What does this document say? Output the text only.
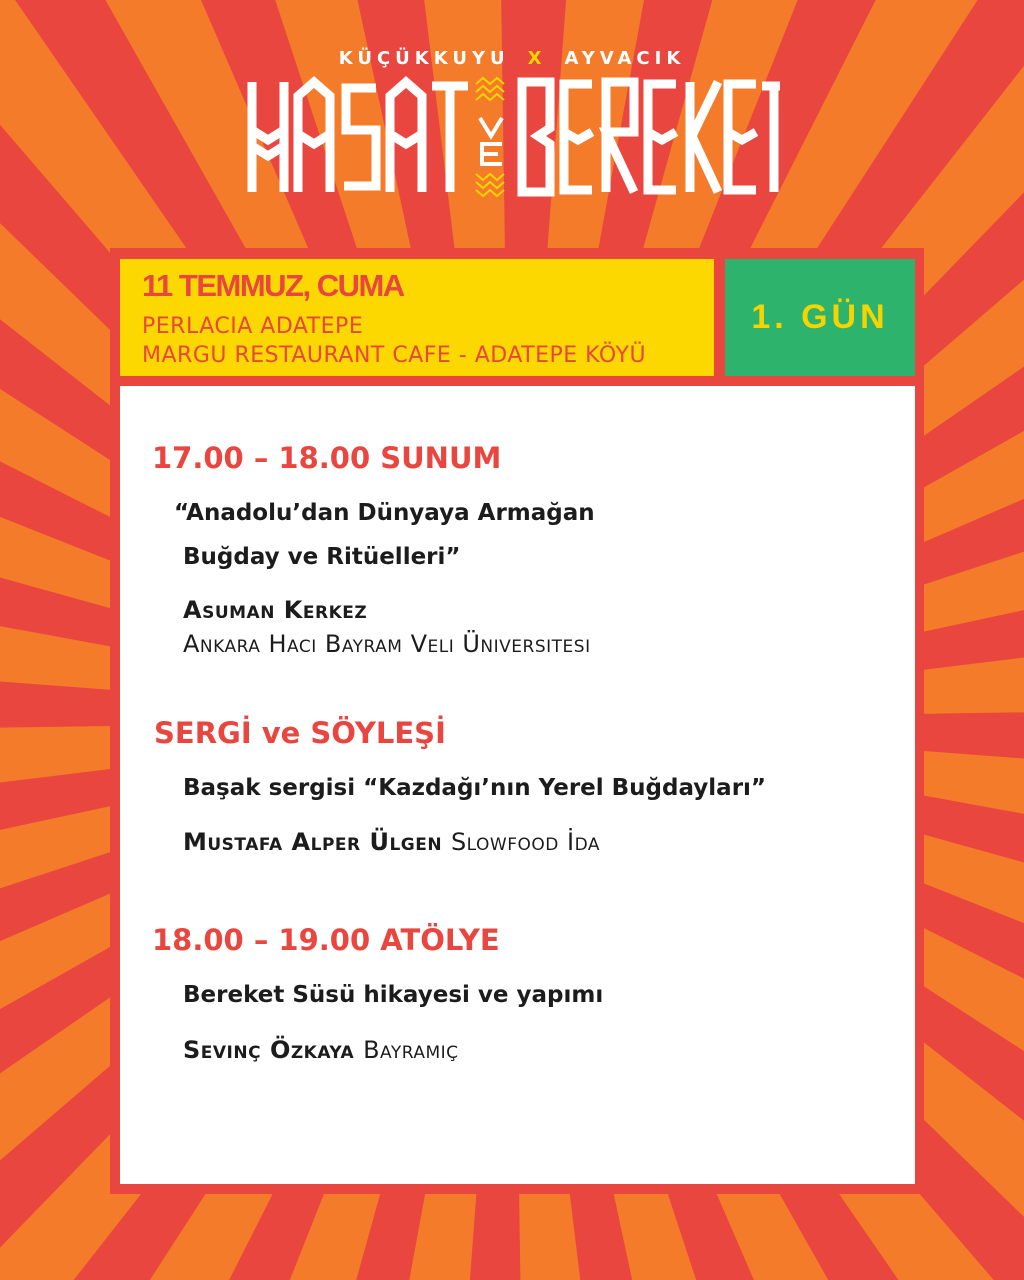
KÜÇÜKKUYU X AYVACIK
11 TEMMUZ, CUMA
PERLACIA ADATEPE
MARGU RESTAURANT CAFE - ADATEPE KÖYÜ
1. GÜN
17.00 – 18.00 SUNUM
“Anadolu’dan Dünyaya Armağan
Buğday ve Ritüelleri”
Asuman Kerkez
Ankara Hacı Bayram Veli Üniversitesi
SERGİ ve SÖYLEŞİ
Başak sergisi “Kazdağı’nın Yerel Buğdayları”
Mustafa Alper Ülgen Slowfood İda
18.00 – 19.00 ATÖLYE
Bereket Süsü hikayesi ve yapımı
Sevinç Özkaya Bayramiç
